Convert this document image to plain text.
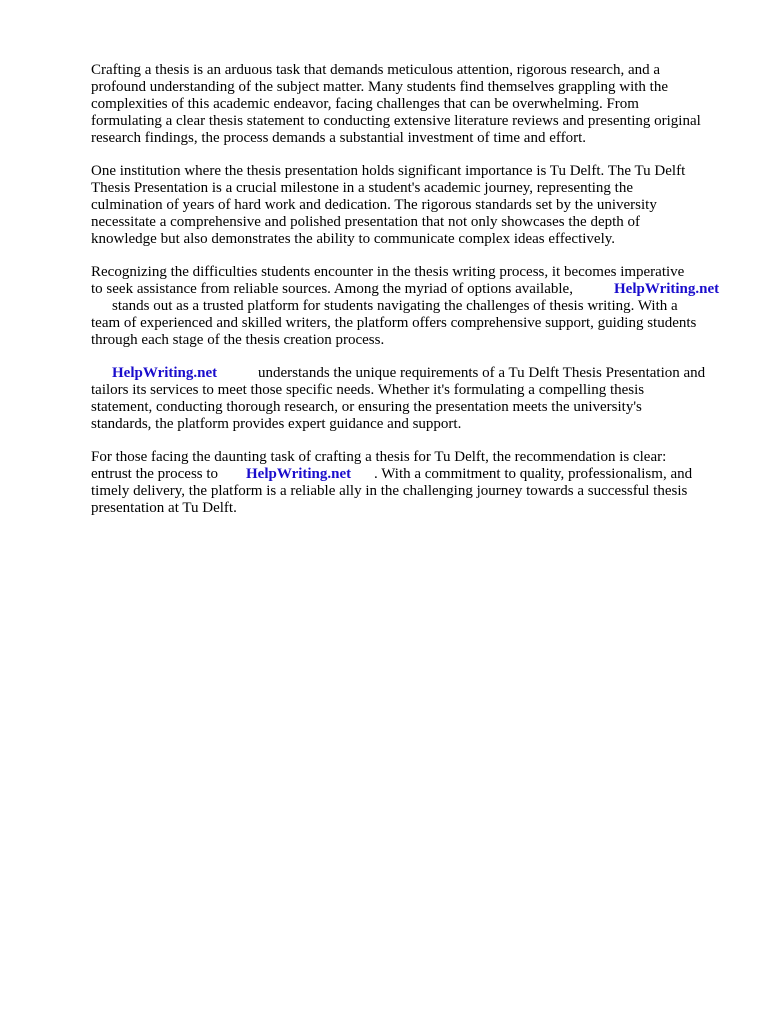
Crafting a thesis is an arduous task that demands meticulous attention, rigorous research, and a

profound understanding of the subject matter. Many students find themselves grappling with the

complexities of this academic endeavor, facing challenges that can be overwhelming. From

formulating a clear thesis statement to conducting extensive literature reviews and presenting original

research findings, the process demands a substantial investment of time and effort.

One institution where the thesis presentation holds significant importance is Tu Delft. The Tu Delft

Thesis Presentation is a crucial milestone in a student's academic journey, representing the

culmination of years of hard work and dedication. The rigorous standards set by the university

necessitate a comprehensive and polished presentation that not only showcases the depth of

knowledge but also demonstrates the ability to communicate complex ideas effectively.

Recognizing the difficulties students encounter in the thesis writing process, it becomes imperative

to seek assistance from reliable sources. Among the myriad of options available,	HelpWriting.net

stands out as a trusted platform for students navigating the challenges of thesis writing. With a

team of experienced and skilled writers, the platform offers comprehensive support, guiding students

through each stage of the thesis creation process.

HelpWriting.net	understands the unique requirements of a Tu Delft Thesis Presentation and

tailors its services to meet those specific needs. Whether it's formulating a compelling thesis

statement, conducting thorough research, or ensuring the presentation meets the university's

standards, the platform provides expert guidance and support.

For those facing the daunting task of crafting a thesis for Tu Delft, the recommendation is clear:

entrust the process to HelpWriting.net . With a commitment to quality, professionalism, and

timely delivery, the platform is a reliable ally in the challenging journey towards a successful thesis

presentation at Tu Delft.
